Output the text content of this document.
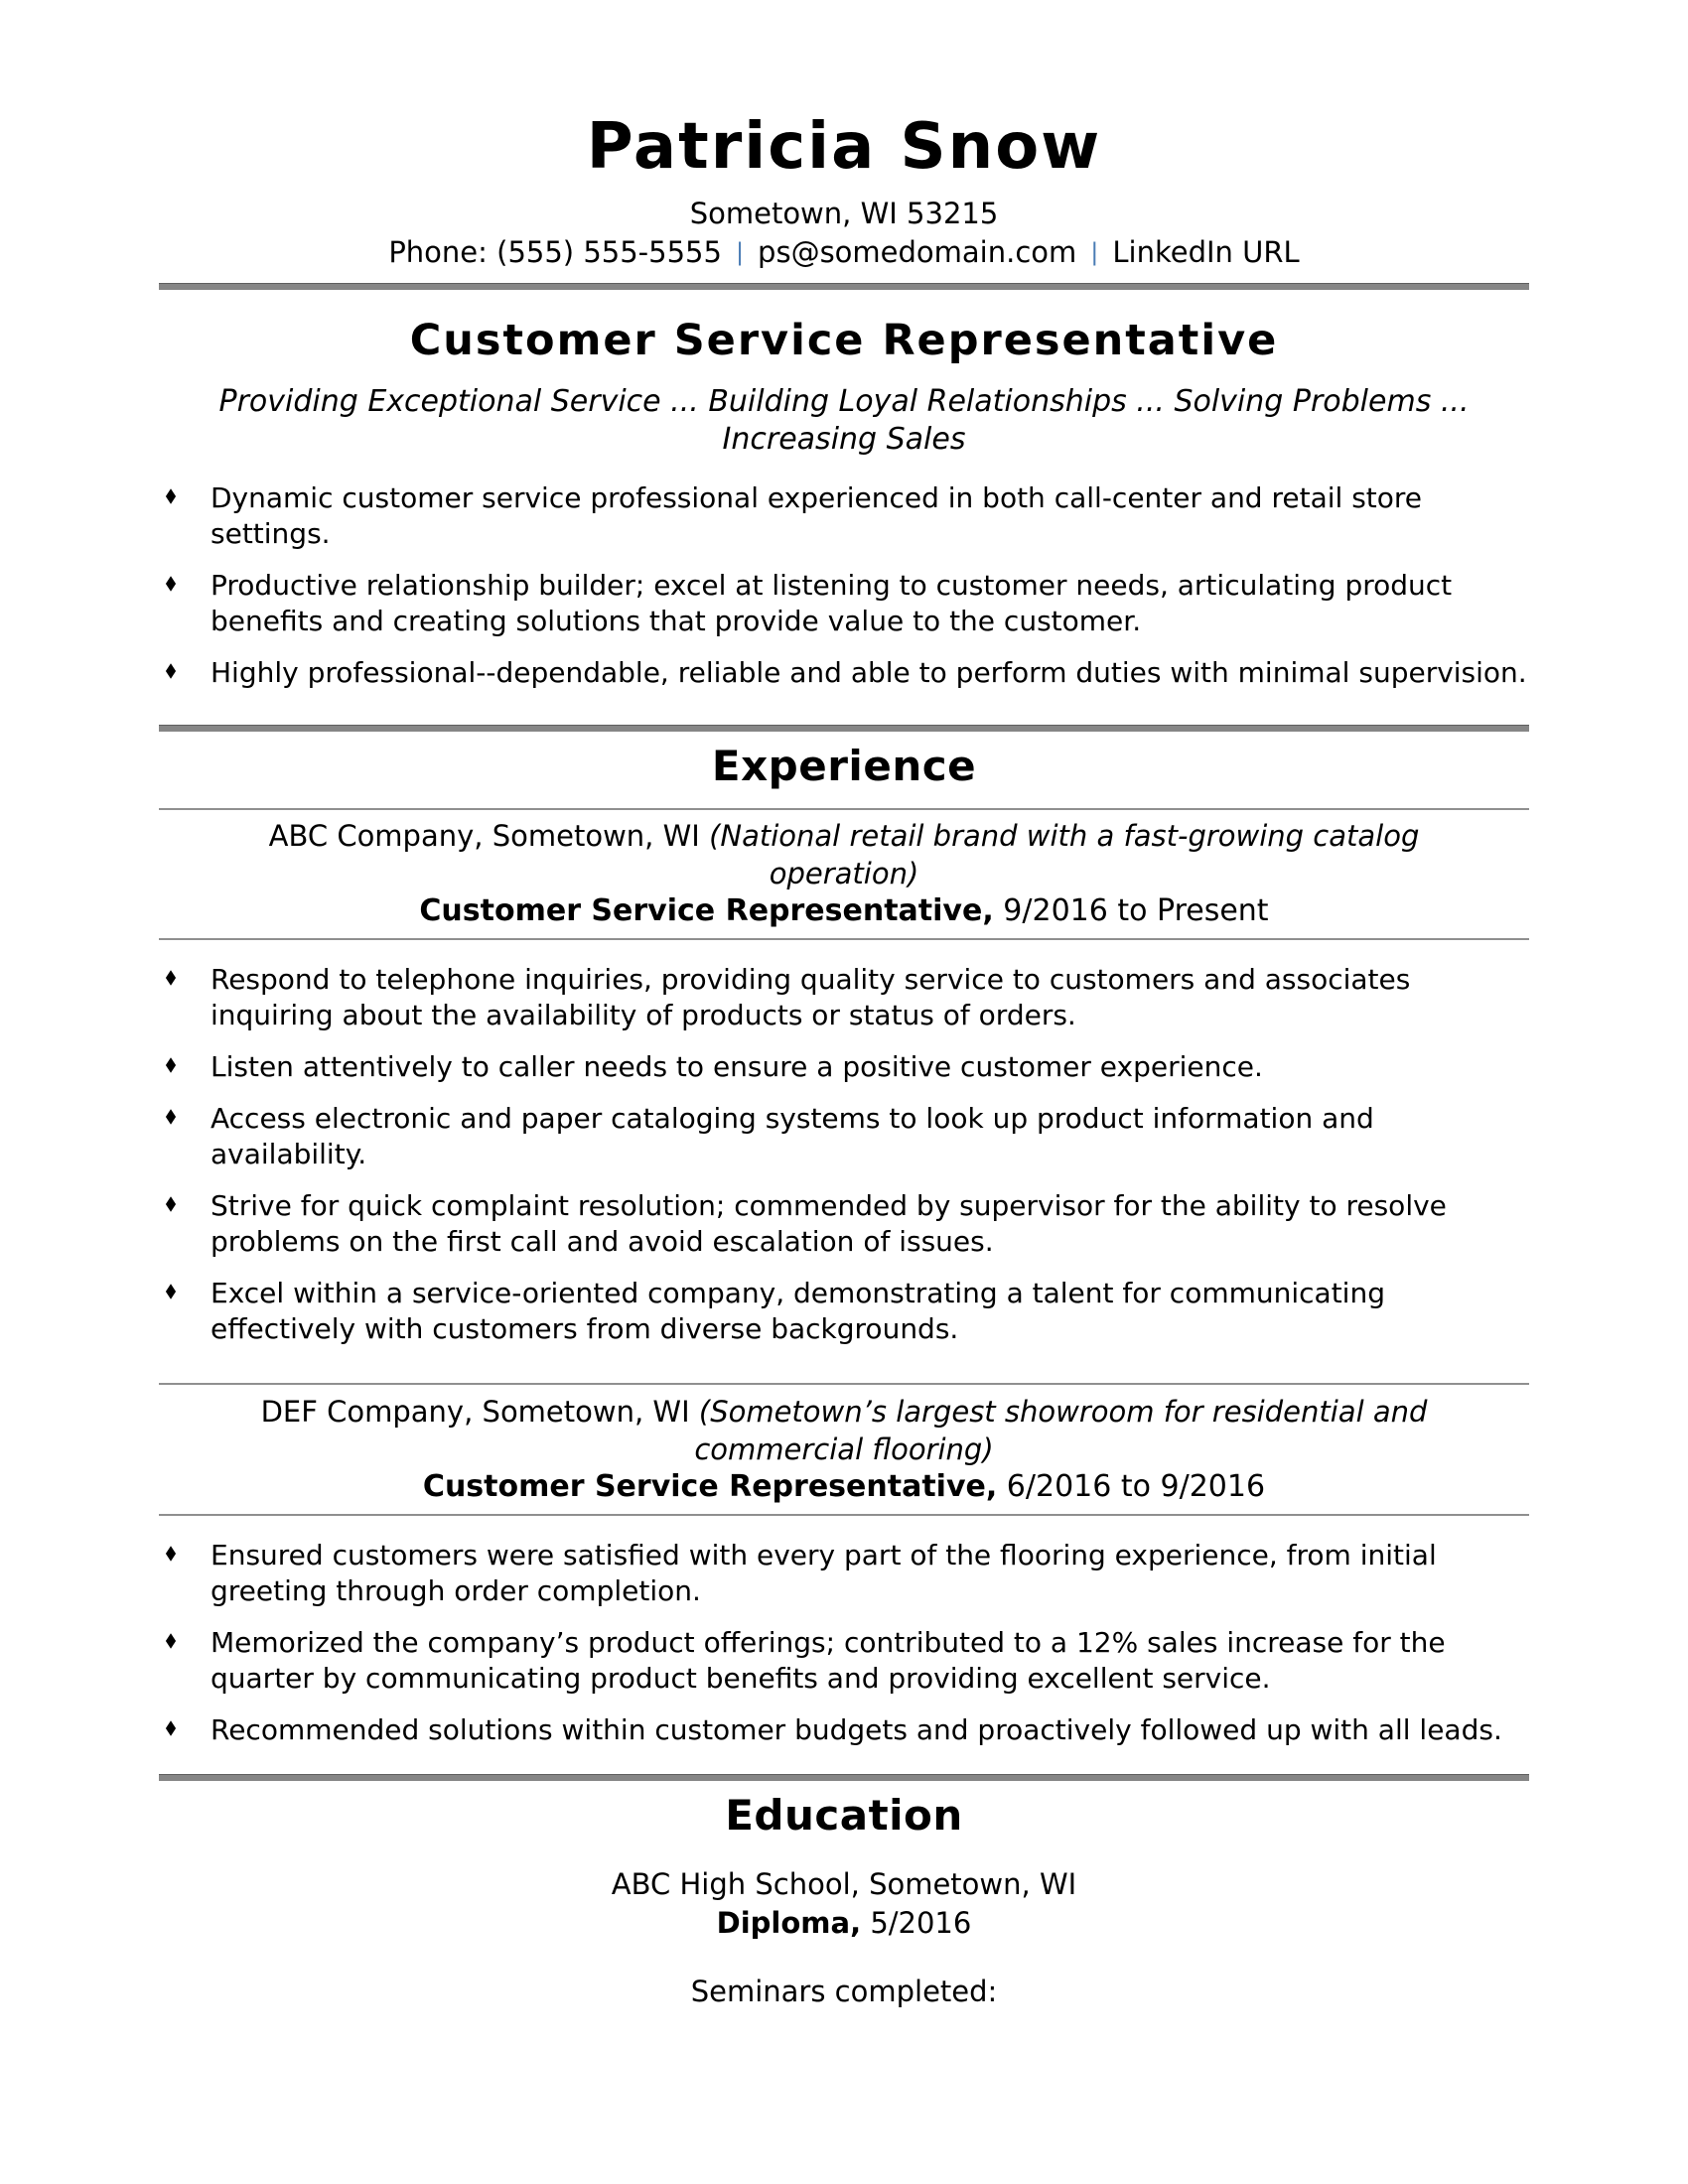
Patricia Snow
Sometown, WI 53215
Phone: (555) 555-5555 | ps@somedomain.com | LinkedIn URL
Customer Service Representative
Providing Exceptional Service ... Building Loyal Relationships ... Solving Problems ...
Increasing Sales
Dynamic customer service professional experienced in both call-center and retail store settings.
Productive relationship builder; excel at listening to customer needs, articulating product benefits and creating solutions that provide value to the customer.
Highly professional--dependable, reliable and able to perform duties with minimal supervision.
Experience
ABC Company, Sometown, WI (National retail brand with a fast-growing catalog operation)
Customer Service Representative, 9/2016 to Present
Respond to telephone inquiries, providing quality service to customers and associates inquiring about the availability of products or status of orders.
Listen attentively to caller needs to ensure a positive customer experience.
Access electronic and paper cataloging systems to look up product information and availability.
Strive for quick complaint resolution; commended by supervisor for the ability to resolve problems on the first call and avoid escalation of issues.
Excel within a service-oriented company, demonstrating a talent for communicating effectively with customers from diverse backgrounds.
DEF Company, Sometown, WI (Sometown’s largest showroom for residential and commercial flooring)
Customer Service Representative, 6/2016 to 9/2016
Ensured customers were satisfied with every part of the flooring experience, from initial greeting through order completion.
Memorized the company’s product offerings; contributed to a 12% sales increase for the quarter by communicating product benefits and providing excellent service.
Recommended solutions within customer budgets and proactively followed up with all leads.
Education
ABC High School, Sometown, WI
Diploma, 5/2016
Seminars completed:
